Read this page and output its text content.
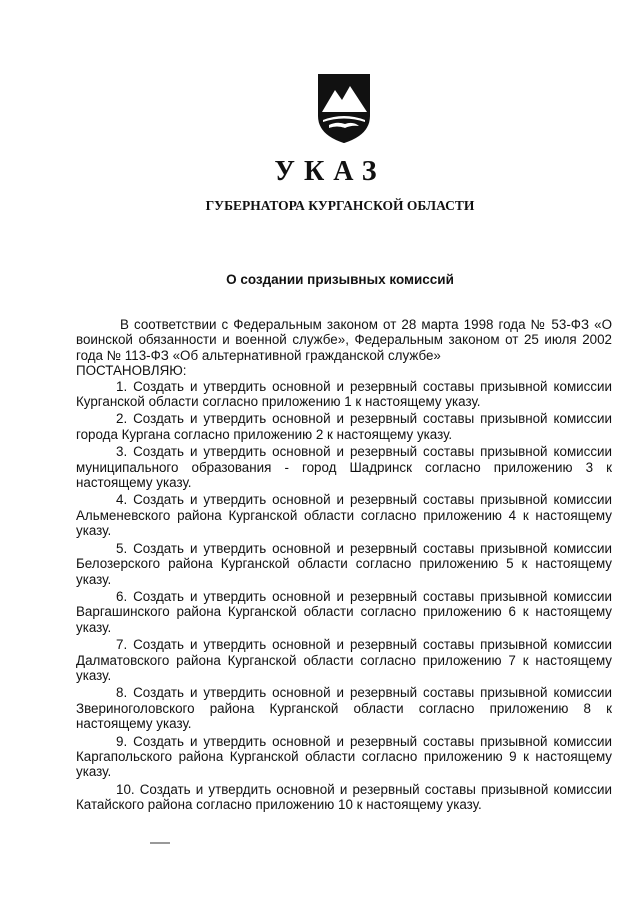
УКАЗ
ГУБЕРНАТОРА КУРГАНСКОЙ ОБЛАСТИ
О создании призывных комиссий

В соответствии с Федеральным законом от 28 марта 1998 года № 53-ФЗ «О воинской обязанности и военной службе», Федеральным законом от 25 июля 2002 года № 113-ФЗ «Об альтернативной гражданской службе»

ПОСТАНОВЛЯЮ:

1. Создать и утвердить основной и резервный составы призывной комиссии Курганской области согласно приложению 1 к настоящему указу.
2. Создать и утвердить основной и резервный составы призывной комиссии города Кургана согласно приложению 2 к настоящему указу.
3. Создать и утвердить основной и резервный составы призывной комиссии муниципального образования - город Шадринск согласно приложению 3 к настоящему указу.
4. Создать и утвердить основной и резервный составы призывной комиссии Альменевского района Курганской области согласно приложению 4 к настоящему указу.
5. Создать и утвердить основной и резервный составы призывной комиссии Белозерского района Курганской области согласно приложению 5 к настоящему указу.
6. Создать и утвердить основной и резервный составы призывной комиссии Варгашинского района Курганской области согласно приложению 6 к настоящему указу.
7. Создать и утвердить основной и резервный составы призывной комиссии Далматовского района Курганской области согласно приложению 7 к настоящему указу.
8. Создать и утвердить основной и резервный составы призывной комиссии Звериноголовского района Курганской области согласно приложению 8 к настоящему указу.
9. Создать и утвердить основной и резервный составы призывной комиссии Каргапольского района Курганской области согласно приложению 9 к настоящему указу.
10. Создать и утвердить основной и резервный составы призывной комиссии Катайского района согласно приложению 10 к настоящему указу.
